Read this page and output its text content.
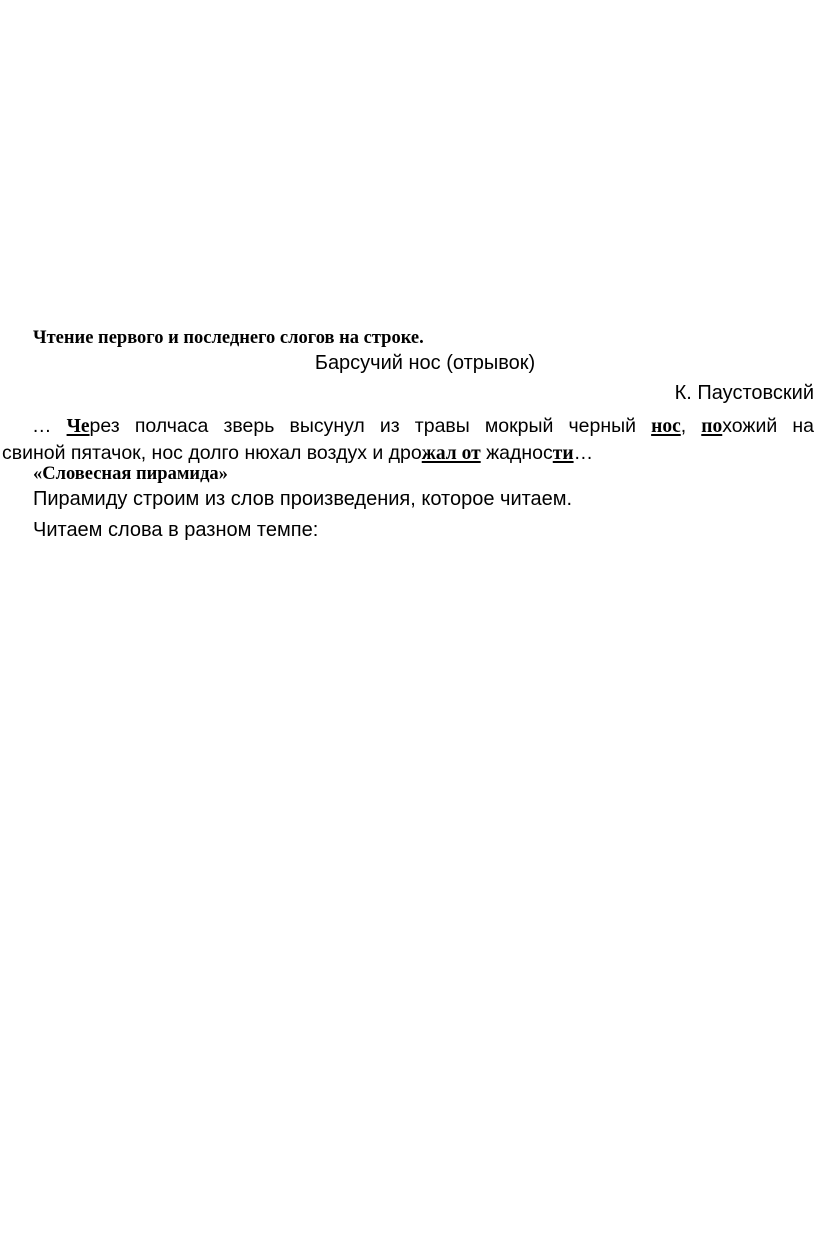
Чтение первого и последнего слогов на строке.
Барсучий нос (отрывок)
К. Паустовский
… Через полчаса зверь высунул из травы мокрый черный нос, похожий на
свиной пятачок, нос долго нюхал воздух и дрожал от жадности…
«Словесная пирамида»
Пирамиду строим из слов произведения, которое читаем.
Читаем слова в разном темпе:
